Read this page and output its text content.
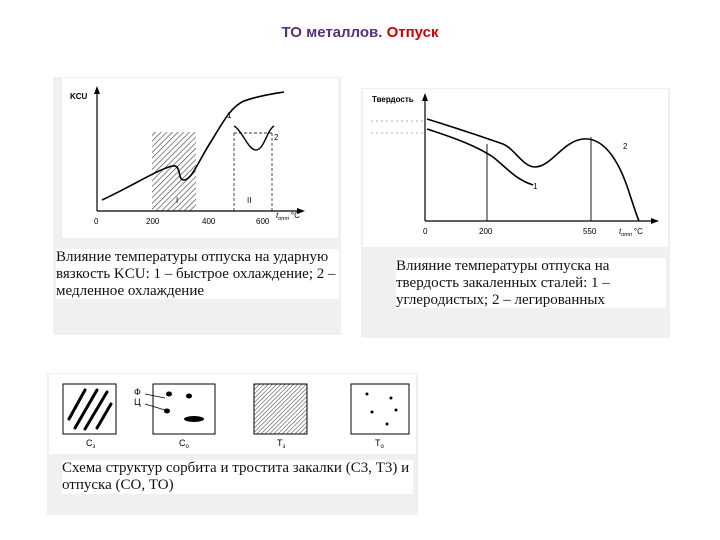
ТО металлов. Отпуск
KCU
1
2
I	II
0	200	400	600
$t_{отп}$ °C
Влияние температуры отпуска на ударную вязкость KCU: 1 – быстрое охлаждение; 2 – медленное охлаждение
Твердость
1
2
0	200	550	$t_{отп}$ °C
Влияние температуры отпуска на твердость закаленных сталей: 1 – углеродистых; 2 – легированных
Ф
Ц
$С_з$	$С_о$	$Т_з$	$Т_о$
Схема структур сорбита и тростита закалки (С3, Т3) и отпуска (СО, ТО)
